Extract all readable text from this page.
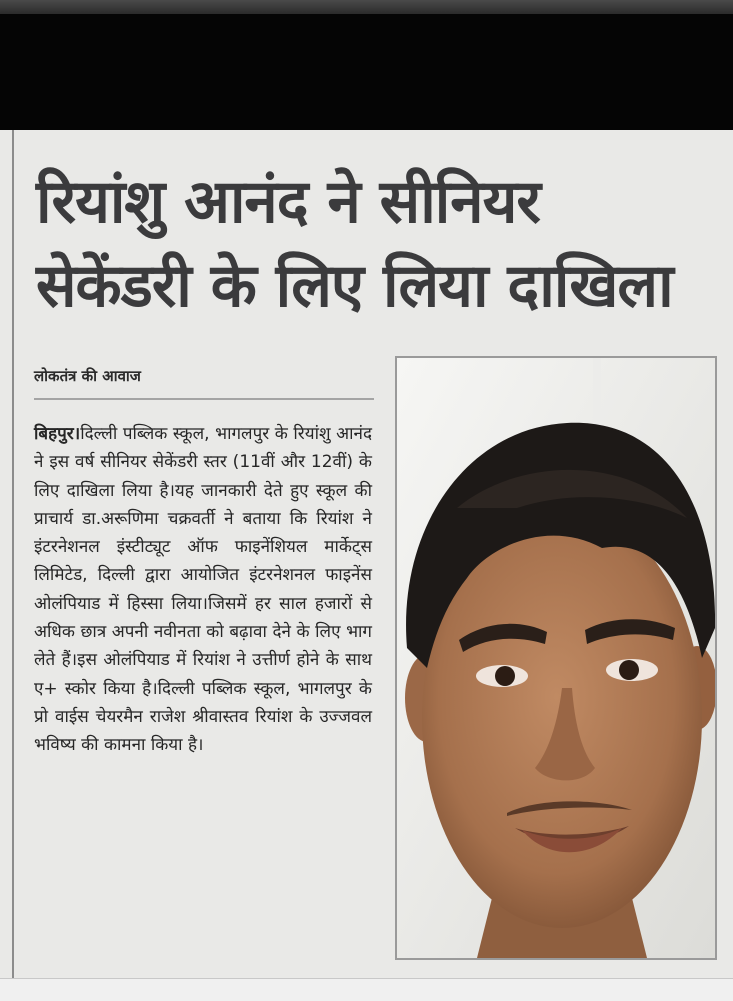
रियांशु आनंद ने सीनियर
सेकेंडरी के लिए लिया दाखिला
लोकतंत्र की आवाज

बिहपुर।दिल्ली पब्लिक स्कूल, भागलपुर के रियांशु आनंद ने इस वर्ष सीनियर सेकेंडरी स्तर (11वीं और 12वीं) के लिए दाखिला लिया है।यह जानकारी देते हुए स्कूल की प्राचार्य डा.अरूणिमा चक्रवर्ती ने बताया कि रियांश ने इंटरनेशनल इंस्टीट्यूट ऑफ फाइनेंशियल मार्केट्स लिमिटेड, दिल्ली द्वारा आयोजित इंटरनेशनल फाइनेंस ओलंपियाड में हिस्सा लिया।जिसमें हर साल हजारों से अधिक छात्र अपनी नवीनता को बढ़ावा देने के लिए भाग लेते हैं।इस ओलंपियाड में रियांश ने उत्तीर्ण होने के साथ ए+ स्कोर किया है।दिल्ली पब्लिक स्कूल, भागलपुर के प्रो वाईस चेयरमैन राजेश श्रीवास्तव रियांश के उज्जवल भविष्य की कामना किया है।
